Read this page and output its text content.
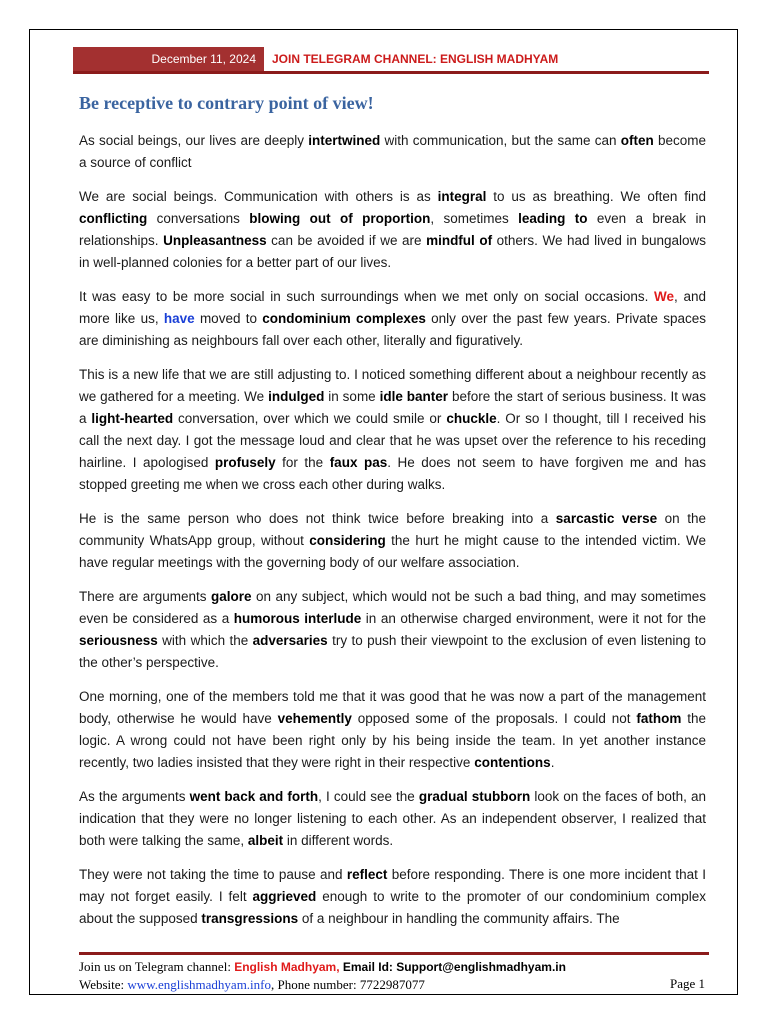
December 11, 2024	JOIN TELEGRAM CHANNEL: ENGLISH MADHYAM
Be receptive to contrary point of view!

As social beings, our lives are deeply intertwined with communication, but the same can often become a source of conflict

We are social beings. Communication with others is as integral to us as breathing. We often find conflicting conversations blowing out of proportion, sometimes leading to even a break in relationships. Unpleasantness can be avoided if we are mindful of others. We had lived in bungalows in well-planned colonies for a better part of our lives.

It was easy to be more social in such surroundings when we met only on social occasions. We, and more like us, have moved to condominium complexes only over the past few years. Private spaces are diminishing as neighbours fall over each other, literally and figuratively.

This is a new life that we are still adjusting to. I noticed something different about a neighbour recently as we gathered for a meeting. We indulged in some idle banter before the start of serious business. It was a light-hearted conversation, over which we could smile or chuckle. Or so I thought, till I received his call the next day. I got the message loud and clear that he was upset over the reference to his receding hairline. I apologised profusely for the faux pas. He does not seem to have forgiven me and has stopped greeting me when we cross each other during walks.

He is the same person who does not think twice before breaking into a sarcastic verse on the community WhatsApp group, without considering the hurt he might cause to the intended victim. We have regular meetings with the governing body of our welfare association.

There are arguments galore on any subject, which would not be such a bad thing, and may sometimes even be considered as a humorous interlude in an otherwise charged environment, were it not for the seriousness with which the adversaries try to push their viewpoint to the exclusion of even listening to the other’s perspective.

One morning, one of the members told me that it was good that he was now a part of the management body, otherwise he would have vehemently opposed some of the proposals. I could not fathom the logic. A wrong could not have been right only by his being inside the team. In yet another instance recently, two ladies insisted that they were right in their respective contentions.

As the arguments went back and forth, I could see the gradual stubborn look on the faces of both, an indication that they were no longer listening to each other. As an independent observer, I realized that both were talking the same, albeit in different words.

They were not taking the time to pause and reflect before responding. There is one more incident that I may not forget easily. I felt aggrieved enough to write to the promoter of our condominium complex about the supposed transgressions of a neighbour in handling the community affairs. The

Join us on Telegram channel: English Madhyam, Email Id: Support@englishmadhyam.in
Website: www.englishmadhyam.info, Phone number: 7722987077	Page 1
